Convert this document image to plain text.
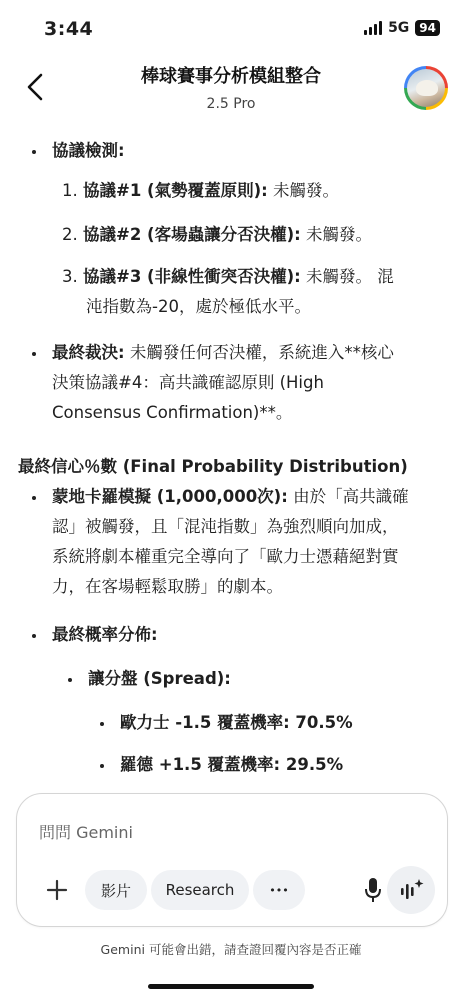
3:44	5G 94
棒球賽事分析模組整合
2.5 Pro
協議檢測:
1. 協議#1 (氣勢覆蓋原則): 未觸發。
2. 協議#2 (客場蟲讓分否決權): 未觸發。
3. 協議#3 (非線性衝突否決權): 未觸發。 混
沌指數為-20，處於極低水平。
最終裁決: 未觸發任何否決權，系統進入**核心
決策協議#4：高共識確認原則 (High
Consensus Confirmation)**。
最終信心％數 (Final Probability Distribution)
蒙地卡羅模擬 (1,000,000次): 由於「高共識確
認」被觸發，且「混沌指數」為強烈順向加成，
系統將劇本權重完全導向了「歐力士憑藉絕對實
力，在客場輕鬆取勝」的劇本。
最終概率分佈:
讓分盤 (Spread):
歐力士 -1.5 覆蓋機率: 70.5%
羅德 +1.5 覆蓋機率: 29.5%
問問 Gemini
影片	Research	•••
Gemini 可能會出錯，請查證回覆內容是否正確
